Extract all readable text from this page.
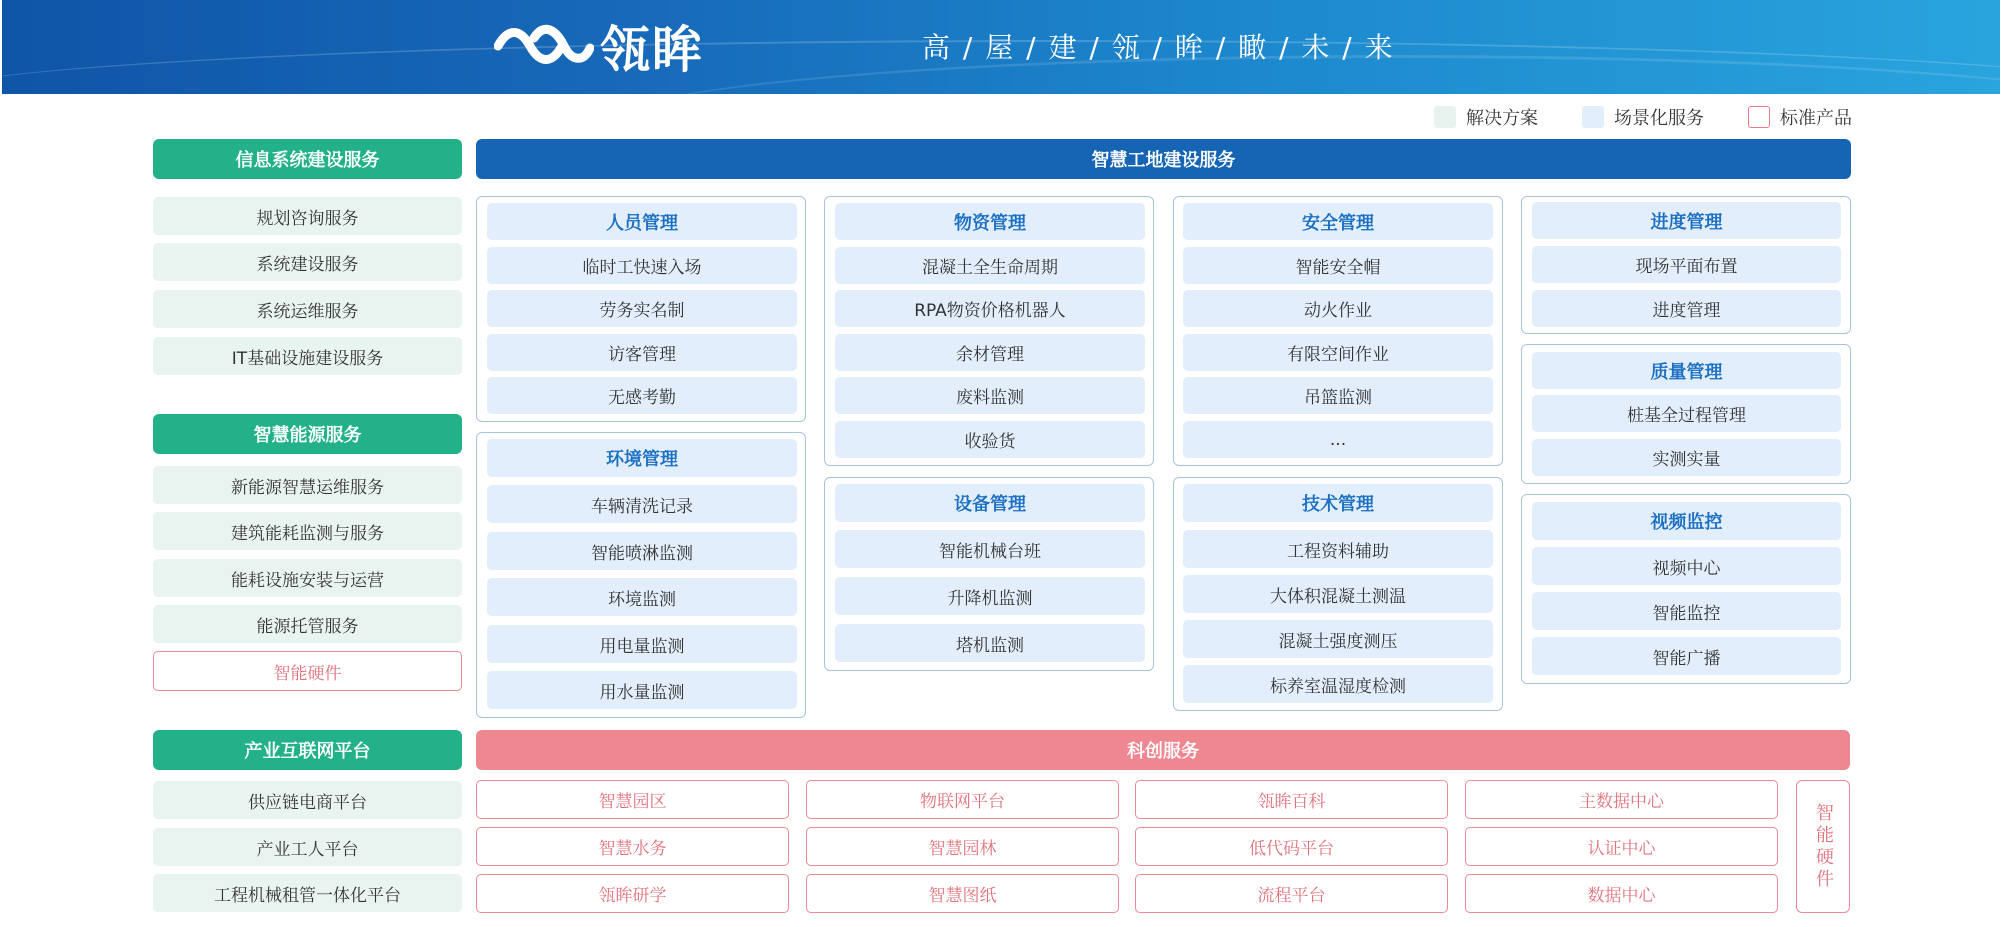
瓴眸	高 / 屋 / 建 / 瓴 / 眸 / 瞰 / 未 / 来
解决方案	场景化服务	标准产品
信息系统建设服务
规划咨询服务
系统建设服务
系统运维服务
IT基础设施建设服务
智慧能源服务
新能源智慧运维服务
建筑能耗监测与服务
能耗设施安装与运营
能源托管服务
智能硬件
产业互联网平台
供应链电商平台
产业工人平台
工程机械租管一体化平台
智慧工地建设服务
人员管理
临时工快速入场
劳务实名制
访客管理
无感考勤
环境管理
车辆清洗记录
智能喷淋监测
环境监测
用电量监测
用水量监测
物资管理
混凝土全生命周期
RPA物资价格机器人
余材管理
废料监测
收验货
设备管理
智能机械台班
升降机监测
塔机监测
安全管理
智能安全帽
动火作业
有限空间作业
吊篮监测
...
技术管理
工程资料辅助
大体积混凝土测温
混凝土强度测压
标养室温湿度检测
进度管理
现场平面布置
进度管理
质量管理
桩基全过程管理
实测实量
视频监控
视频中心
智能监控
智能广播
科创服务
智慧园区	物联网平台	瓴眸百科	主数据中心
智慧水务	智慧园林	低代码平台	认证中心
瓴眸研学	智慧图纸	流程平台	数据中心
智能硬件
